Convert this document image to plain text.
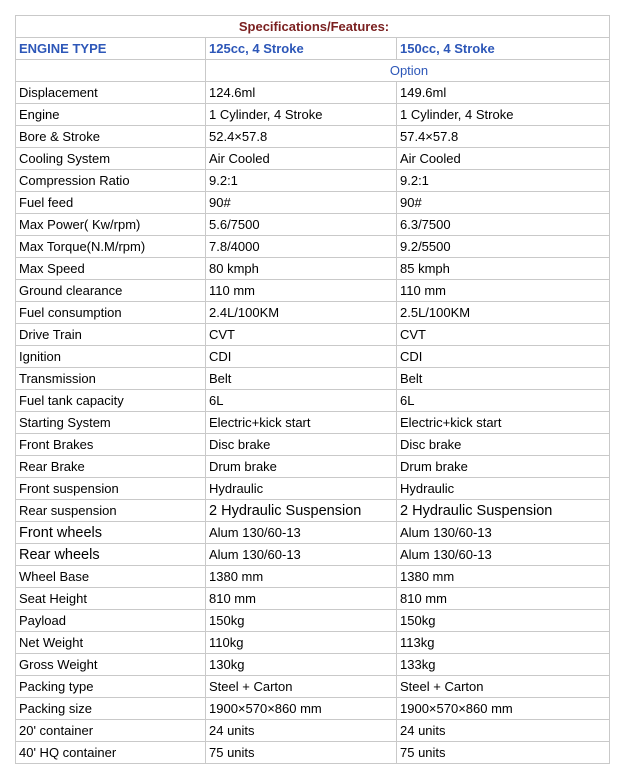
Specifications/Features:		
ENGINE TYPE	125cc, 4 Stroke	150cc, 4 Stroke
	Option	
Displacement	124.6ml	149.6ml
Engine	1 Cylinder, 4 Stroke	1 Cylinder, 4 Stroke
Bore & Stroke	52.4×57.8	57.4×57.8
Cooling System	Air Cooled	Air Cooled
Compression Ratio	9.2:1	9.2:1
Fuel feed	90#	90#
Max Power( Kw/rpm)	5.6/7500	6.3/7500
Max Torque(N.M/rpm)	7.8/4000	9.2/5500
Max Speed	80 kmph	85 kmph
Ground clearance	110 mm	110 mm
Fuel consumption	2.4L/100KM	2.5L/100KM
Drive Train	CVT	CVT
Ignition	CDI	CDI
Transmission	Belt	Belt
Fuel tank capacity	6L	6L
Starting System	Electric+kick start	Electric+kick start
Front Brakes	Disc brake	Disc brake
Rear Brake	Drum brake	Drum brake
Front suspension	Hydraulic	Hydraulic
Rear suspension	2 Hydraulic Suspension	2 Hydraulic Suspension
Front wheels	Alum 130/60-13	Alum 130/60-13
Rear wheels	Alum 130/60-13	Alum 130/60-13
Wheel Base	1380 mm	1380 mm
Seat Height	810 mm	810 mm
Payload	150kg	150kg
Net Weight	110kg	113kg
Gross Weight	130kg	133kg
Packing type	Steel + Carton	Steel + Carton
Packing size	1900×570×860 mm	1900×570×860 mm
20' container	24 units	24 units
40' HQ container	75 units	75 units
